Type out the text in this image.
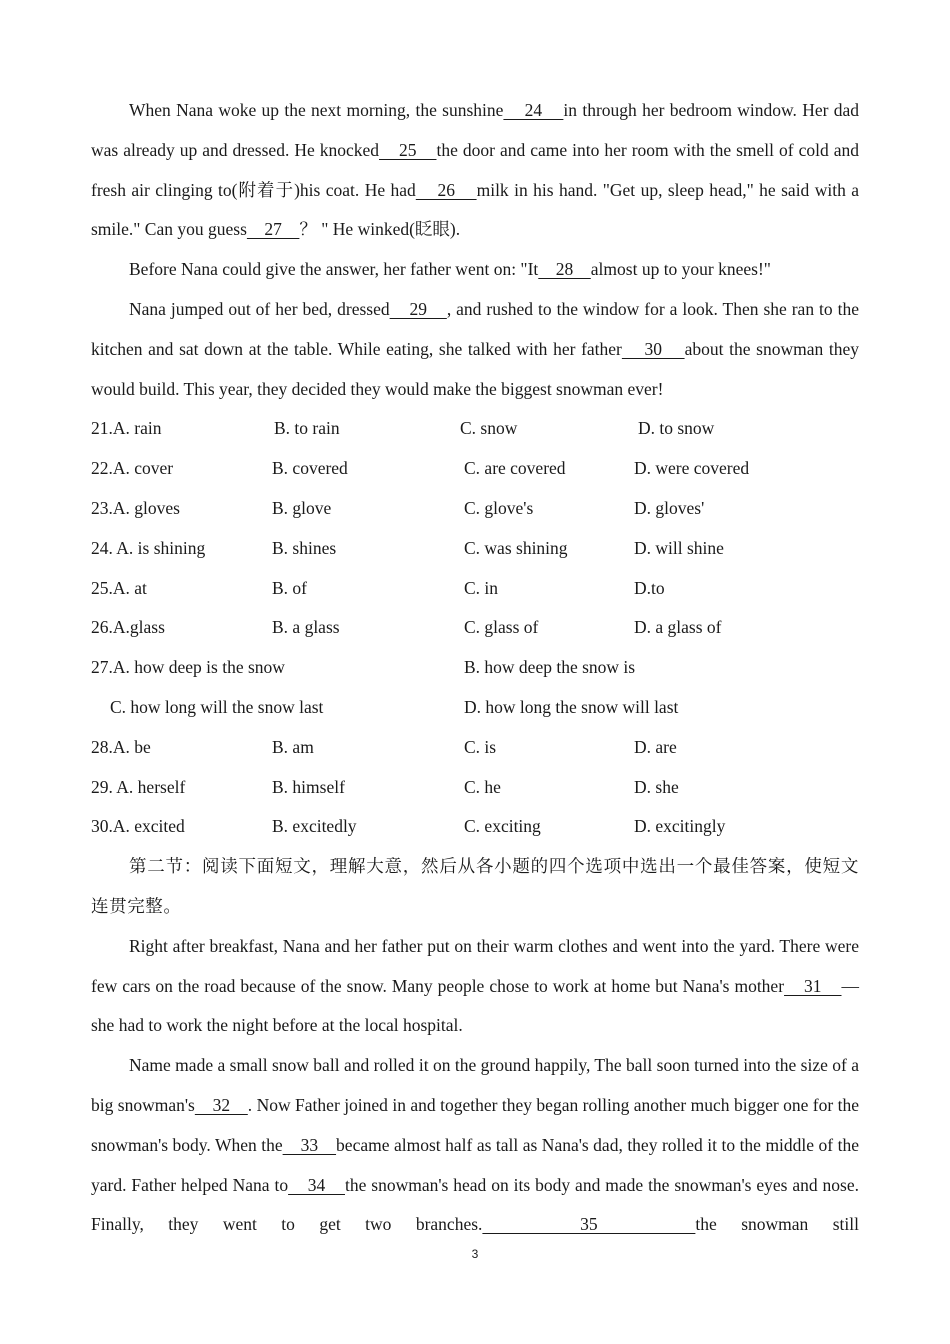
When Nana woke up the next morning, the sunshine    24    in through her bedroom window. Her dad was already up and dressed. He knocked    25    the door and came into her room with the smell of cold and fresh air clinging to(附着于)his coat. He had    26    milk in his hand. "Get up, sleep head," he said with a smile." Can you guess    27    ？ " He winked(眨眼).

Before Nana could give the answer, her father went on: "It    28    almost up to your knees!"

Nana jumped out of her bed, dressed    29    , and rushed to the window for a look. Then she ran to the kitchen and sat down at the table. While eating, she talked with her father    30    about the snowman they would build. This year, they decided they would make the biggest snowman ever!

21.A. rain	B. to rain	C. snow	D. to snow
22.A. cover	B. covered	C. are covered	D. were covered
23.A. gloves	B. glove	C. glove's	D. gloves'
24. A. is shining	B. shines	C. was shining	D. will shine
25.A. at	B. of	C. in	D.to
26.A.glass	B. a glass	C. glass of	D. a glass of
27.A. how deep is the snow	B. how deep the snow is
C. how long will the snow last	D. how long the snow will last
28.A. be	B. am	C. is	D. are
29. A. herself	B. himself	C. he	D. she
30.A. excited	B. excitedly	C. exciting	D. excitingly

第二节：阅读下面短文，理解大意，然后从各小题的四个选项中选出一个最佳答案，使短文连贯完整。

Right after breakfast, Nana and her father put on their warm clothes and went into the yard. There were few cars on the road because of the snow. Many people chose to work at home but Nana's mother    31    —she had to work the night before at the local hospital.

Name made a small snow ball and rolled it on the ground happily, The ball soon turned into the size of a big snowman's    32    . Now Father joined in and together they began rolling another much bigger one for the snowman's body. When the    33    became almost half as tall as Nana's dad, they rolled it to the middle of the yard. Father helped Nana to    34    the snowman's head on its body and made the snowman's eyes and nose. Finally, they went to get two branches.    35    the snowman still

3
